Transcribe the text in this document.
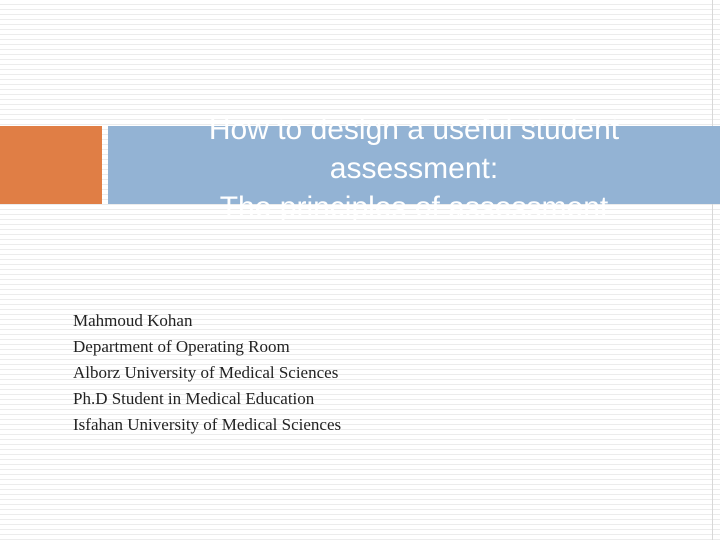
How to design a useful student
assessment:
The principles of assessment
Mahmoud Kohan
Department of Operating Room
Alborz University of Medical Sciences
Ph.D Student in Medical Education
Isfahan University of Medical Sciences
